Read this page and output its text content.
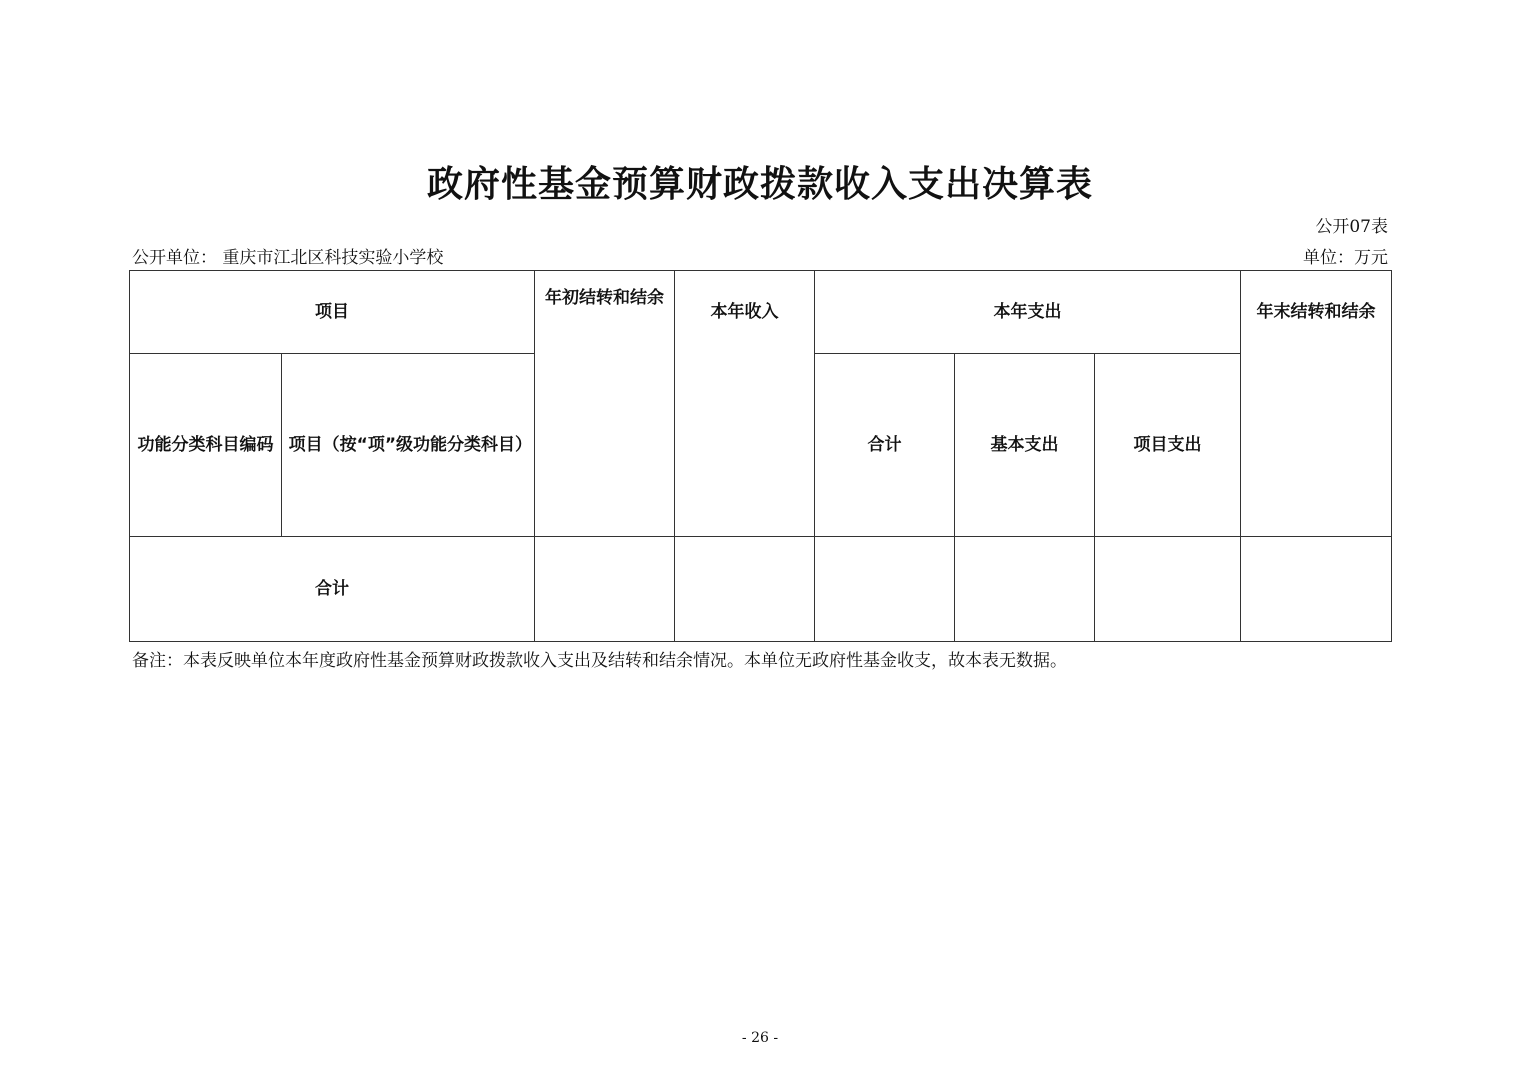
政府性基金预算财政拨款收入支出决算表
公开07表
公开单位： 重庆市江北区科技实验小学校	单位：万元
项目		年初结转和结余	本年收入	本年支出			年末结转和结余
功能分类科目编码	项目（按“项”级功能分类科目）			合计	基本支出	项目支出	
合计							
备注：本表反映单位本年度政府性基金预算财政拨款收入支出及结转和结余情况。本单位无政府性基金收支，故本表无数据。
- 26 -
